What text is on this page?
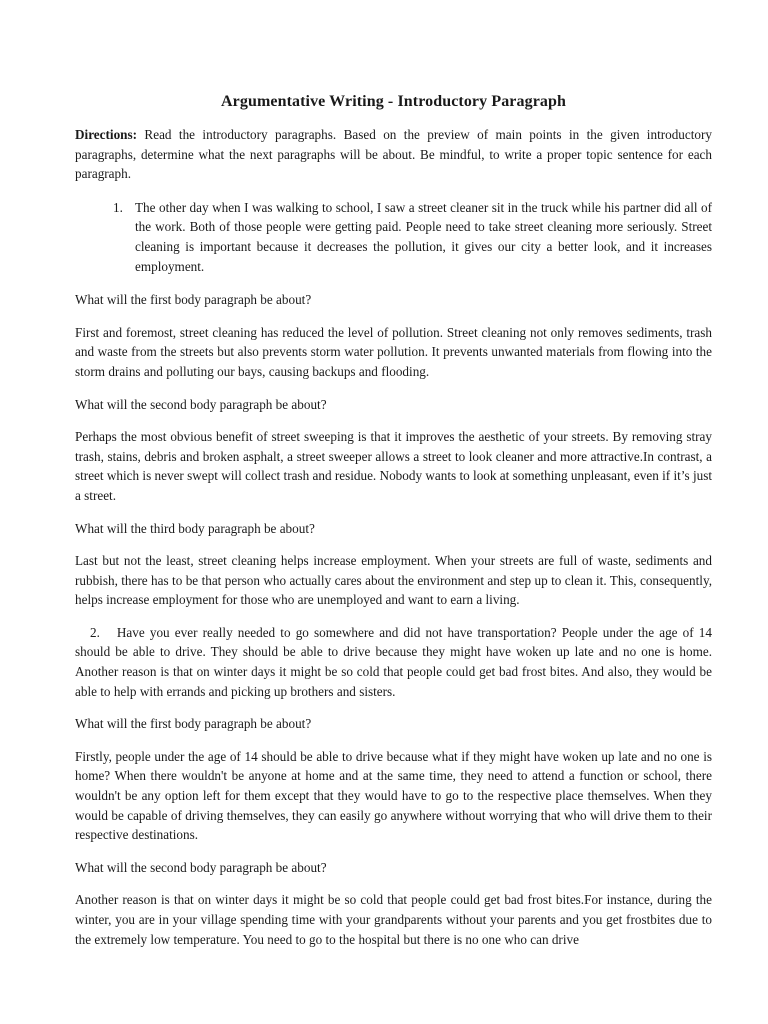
Argumentative Writing - Introductory Paragraph

Directions: Read the introductory paragraphs. Based on the preview of main points in the given introductory paragraphs, determine what the next paragraphs will be about. Be mindful, to write a proper topic sentence for each paragraph.

1. The other day when I was walking to school, I saw a street cleaner sit in the truck while his partner did all of the work. Both of those people were getting paid. People need to take street cleaning more seriously. Street cleaning is important because it decreases the pollution, it gives our city a better look, and it increases employment.

What will the first body paragraph be about?

First and foremost, street cleaning has reduced the level of pollution. Street cleaning not only removes sediments, trash and waste from the streets but also prevents storm water pollution. It prevents unwanted materials from flowing into the storm drains and polluting our bays, causing backups and flooding.

What will the second body paragraph be about?

Perhaps the most obvious benefit of street sweeping is that it improves the aesthetic of your streets. By removing stray trash, stains, debris and broken asphalt, a street sweeper allows a street to look cleaner and more attractive.In contrast, a street which is never swept will collect trash and residue. Nobody wants to look at something unpleasant, even if it’s just a street.

What will the third body paragraph be about?

Last but not the least, street cleaning helps increase employment. When your streets are full of waste, sediments and rubbish, there has to be that person who actually cares about the environment and step up to clean it. This, consequently, helps increase employment for those who are unemployed and want to earn a living.

2. Have you ever really needed to go somewhere and did not have transportation? People under the age of 14 should be able to drive. They should be able to drive because they might have woken up late and no one is home. Another reason is that on winter days it might be so cold that people could get bad frost bites. And also, they would be able to help with errands and picking up brothers and sisters.

What will the first body paragraph be about?

Firstly, people under the age of 14 should be able to drive because what if they might have woken up late and no one is home? When there wouldn't be anyone at home and at the same time, they need to attend a function or school, there wouldn't be any option left for them except that they would have to go to the respective place themselves. When they would be capable of driving themselves, they can easily go anywhere without worrying that who will drive them to their respective destinations.

What will the second body paragraph be about?

Another reason is that on winter days it might be so cold that people could get bad frost bites.For instance, during the winter, you are in your village spending time with your grandparents without your parents and you get frostbites due to the extremely low temperature. You need to go to the hospital but there is no one who can drive
